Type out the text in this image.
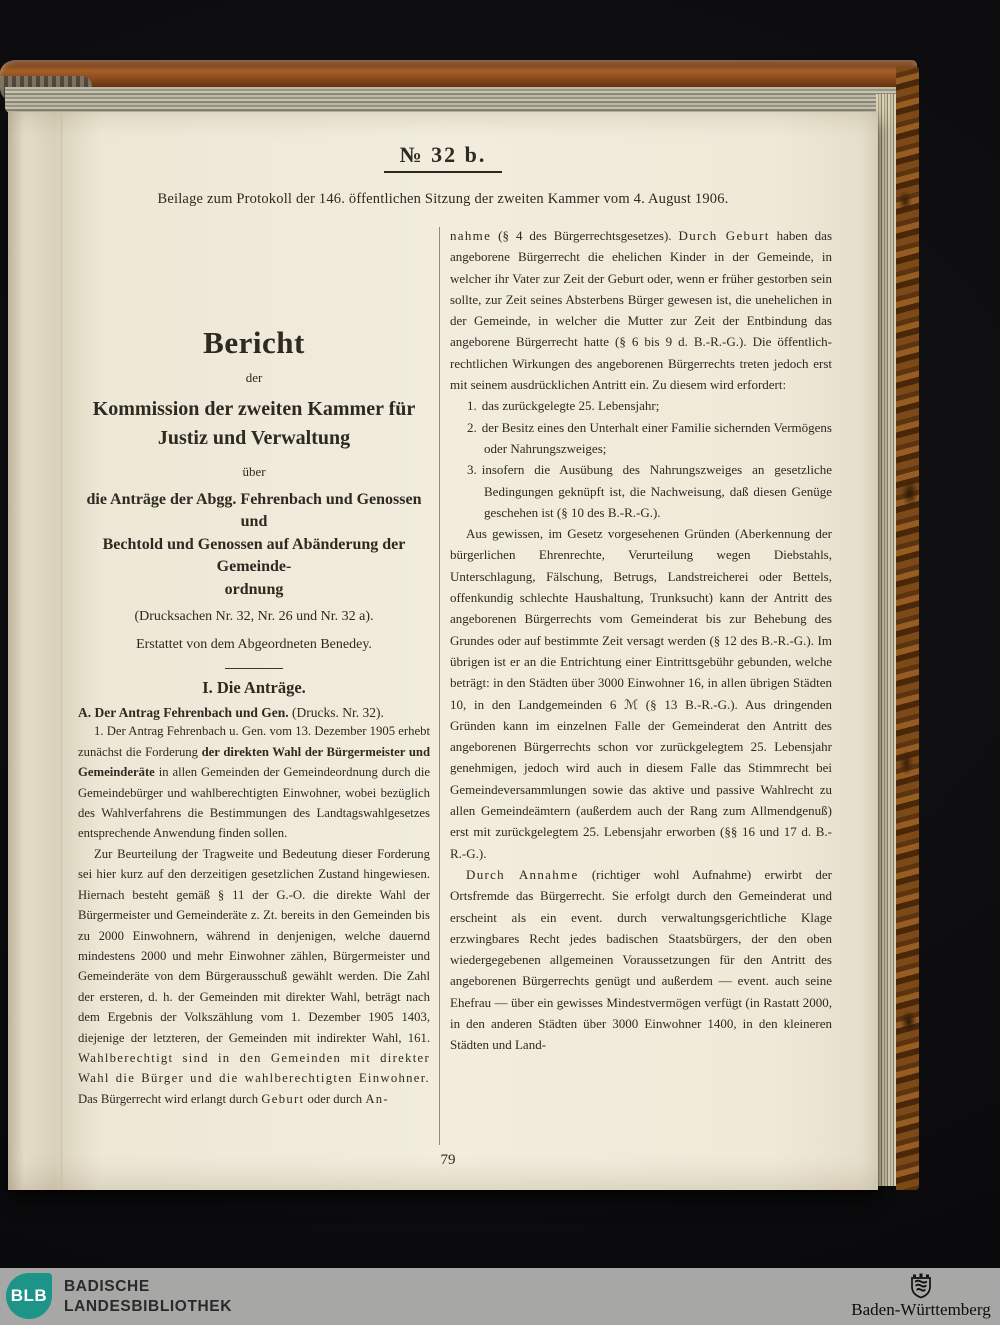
№ 32 b.
Beilage zum Protokoll der 146. öffentlichen Sitzung der zweiten Kammer vom 4. August 1906.
Bericht
der
Kommission der zweiten Kammer für
Justiz und Verwaltung
über
die Anträge der Abgg. Fehrenbach und Genossen und
Bechtold und Genossen auf Abänderung der Gemeinde-
ordnung
(Drucksachen Nr. 32, Nr. 26 und Nr. 32 a).
Erstattet von dem Abgeordneten Benedey.
I. Die Anträge.
A. Der Antrag Fehrenbach und Gen. (Drucks. Nr. 32).

1. Der Antrag Fehrenbach u. Gen. vom 13. Dezember 1905 erhebt zunächst die Forderung der direkten Wahl der Bürgermeister und Gemeinderäte in allen Gemeinden der Gemeindeordnung durch die Gemeindebürger und wahlberechtigten Einwohner, wobei bezüglich des Wahlverfahrens die Bestimmungen des Landtagswahlgesetzes entsprechende Anwendung finden sollen.

Zur Beurteilung der Tragweite und Bedeutung dieser Forderung sei hier kurz auf den derzeitigen gesetzlichen Zustand hingewiesen. Hiernach besteht gemäß § 11 der G.-O. die direkte Wahl der Bürgermeister und Gemeinderäte z. Zt. bereits in den Gemeinden bis zu 2000 Einwohnern, während in denjenigen, welche dauernd mindestens 2000 und mehr Einwohner zählen, Bürgermeister und Gemeinderäte von dem Bürgerausschuß gewählt werden. Die Zahl der ersteren, d. h. der Gemeinden mit direkter Wahl, beträgt nach dem Ergebnis der Volkszählung vom 1. Dezember 1905 1403, diejenige der letzteren, der Gemeinden mit indirekter Wahl, 161. Wahlberechtigt sind in den Gemeinden mit direkter Wahl die Bürger und die wahlberechtigten Einwohner. Das Bürgerrecht wird erlangt durch Geburt oder durch An-

nahme (§ 4 des Bürgerrechtsgesetzes). Durch Geburt haben das angeborene Bürgerrecht die ehelichen Kinder in der Gemeinde, in welcher ihr Vater zur Zeit der Geburt oder, wenn er früher gestorben sein sollte, zur Zeit seines Absterbens Bürger gewesen ist, die unehelichen in der Gemeinde, in welcher die Mutter zur Zeit der Entbindung das angeborene Bürgerrecht hatte (§ 6 bis 9 d. B.-R.-G.). Die öffentlich-rechtlichen Wirkungen des angeborenen Bürgerrechts treten jedoch erst mit seinem ausdrücklichen Antritt ein. Zu diesem wird erfordert:

1. das zurückgelegte 25. Lebensjahr;

2. der Besitz eines den Unterhalt einer Familie sichernden Vermögens oder Nahrungszweiges;

3. insofern die Ausübung des Nahrungszweiges an gesetzliche Bedingungen geknüpft ist, die Nachweisung, daß diesen Genüge geschehen ist (§ 10 des B.-R.-G.).

Aus gewissen, im Gesetz vorgesehenen Gründen (Aberkennung der bürgerlichen Ehrenrechte, Verurteilung wegen Diebstahls, Unterschlagung, Fälschung, Betrugs, Landstreicherei oder Bettels, offenkundig schlechte Haushaltung, Trunksucht) kann der Antritt des angeborenen Bürgerrechts vom Gemeinderat bis zur Behebung des Grundes oder auf bestimmte Zeit versagt werden (§ 12 des B.-R.-G.). Im übrigen ist er an die Entrichtung einer Eintrittsgebühr gebunden, welche beträgt: in den Städten über 3000 Einwohner 16, in allen übrigen Städten 10, in den Landgemeinden 6 ℳ (§ 13 B.-R.-G.). Aus dringenden Gründen kann im einzelnen Falle der Gemeinderat den Antritt des angeborenen Bürgerrechts schon vor zurückgelegtem 25. Lebensjahr genehmigen, jedoch wird auch in diesem Falle das Stimmrecht bei Gemeindeversammlungen sowie das aktive und passive Wahlrecht zu allen Gemeindeämtern (außerdem auch der Rang zum Allmendgenuß) erst mit zurückgelegtem 25. Lebensjahr erworben (§§ 16 und 17 d. B.-R.-G.).

Durch Annahme (richtiger wohl Aufnahme) erwirbt der Ortsfremde das Bürgerrecht. Sie erfolgt durch den Gemeinderat und erscheint als ein event. durch verwaltungsgerichtliche Klage erzwingbares Recht jedes badischen Staatsbürgers, der den oben wiedergegebenen allgemeinen Voraussetzungen für den Antritt des angeborenen Bürgerrechts genügt und außerdem — event. auch seine Ehefrau — über ein gewisses Mindestvermögen verfügt (in Rastatt 2000, in den anderen Städten über 3000 Einwohner 1400, in den kleineren Städten und Land-

79
BLB	BADISCHE
LANDESBIBLIOTHEK	Baden-Württemberg
